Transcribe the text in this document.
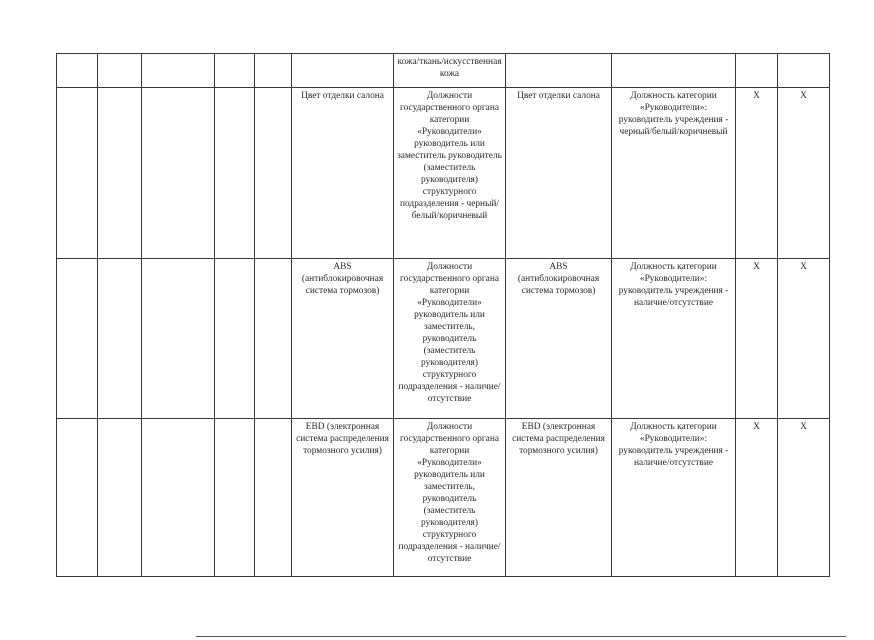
						кожа/ткань/искусственная кожа				
					Цвет отделки салона	Должности государственного органа категории «Руководители» руководитель или заместитель руководитель (заместитель руководителя) структурного подразделения - черный/белый/коричневый	Цвет отделки салона	Должность категории «Руководители»: руководитель учреждения - черный/белый/коричневый	X	X
					ABS (антиблокировочная система тормозов)	Должности государственного органа категории «Руководители» руководитель или заместитель, руководитель (заместитель руководителя) структурного подразделения - наличие/отсутствие	ABS (антиблокировочная система тормозов)	Должность категории «Руководители»: руководитель учреждения - наличие/отсутствие	X	X
					EBD (электронная система распределения тормозного усилия)	Должности государственного органа категории «Руководители» руководитель или заместитель, руководитель (заместитель руководителя) структурного подразделения - наличие/отсутствие	EBD (электронная система распределения тормозного усилия)	Должность категории «Руководители»: руководитель учреждения - наличие/отсутствие	X	X
